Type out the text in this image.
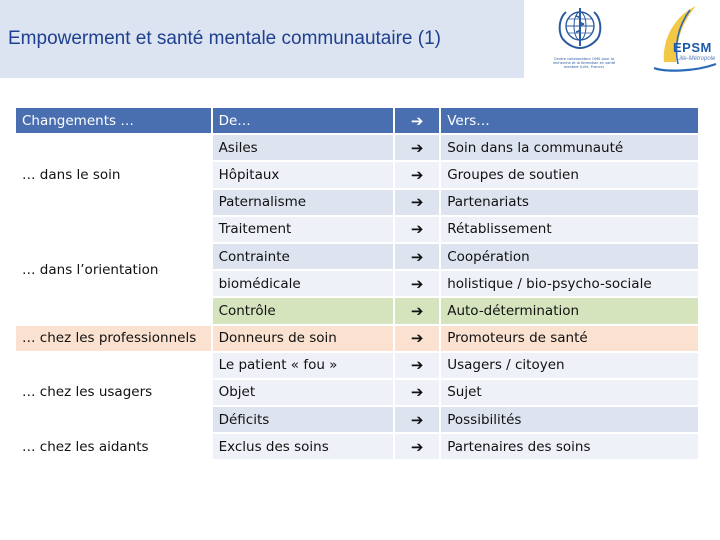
Empowerment et santé mentale communautaire (1)
Centre collaborateur OMS pour la recherche et la formation en santé mentale (Lille, France)
EPSM
Lille-Métropole
Changements …	De…	➔	Vers…
… dans le soin	Asiles	➔	Soin dans la communauté
	Hôpitaux	➔	Groupes de soutien
	Paternalisme	➔	Partenariats
… dans l’orientation	Traitement	➔	Rétablissement
	Contrainte	➔	Coopération
	biomédicale	➔	holistique / bio-psycho-sociale
	Contrôle	➔	Auto-détermination
… chez les professionnels	Donneurs de soin	➔	Promoteurs de santé
… chez les usagers	Le patient « fou »	➔	Usagers / citoyen
	Objet	➔	Sujet
	Déficits	➔	Possibilités
… chez les aidants	Exclus des soins	➔	Partenaires des soins
